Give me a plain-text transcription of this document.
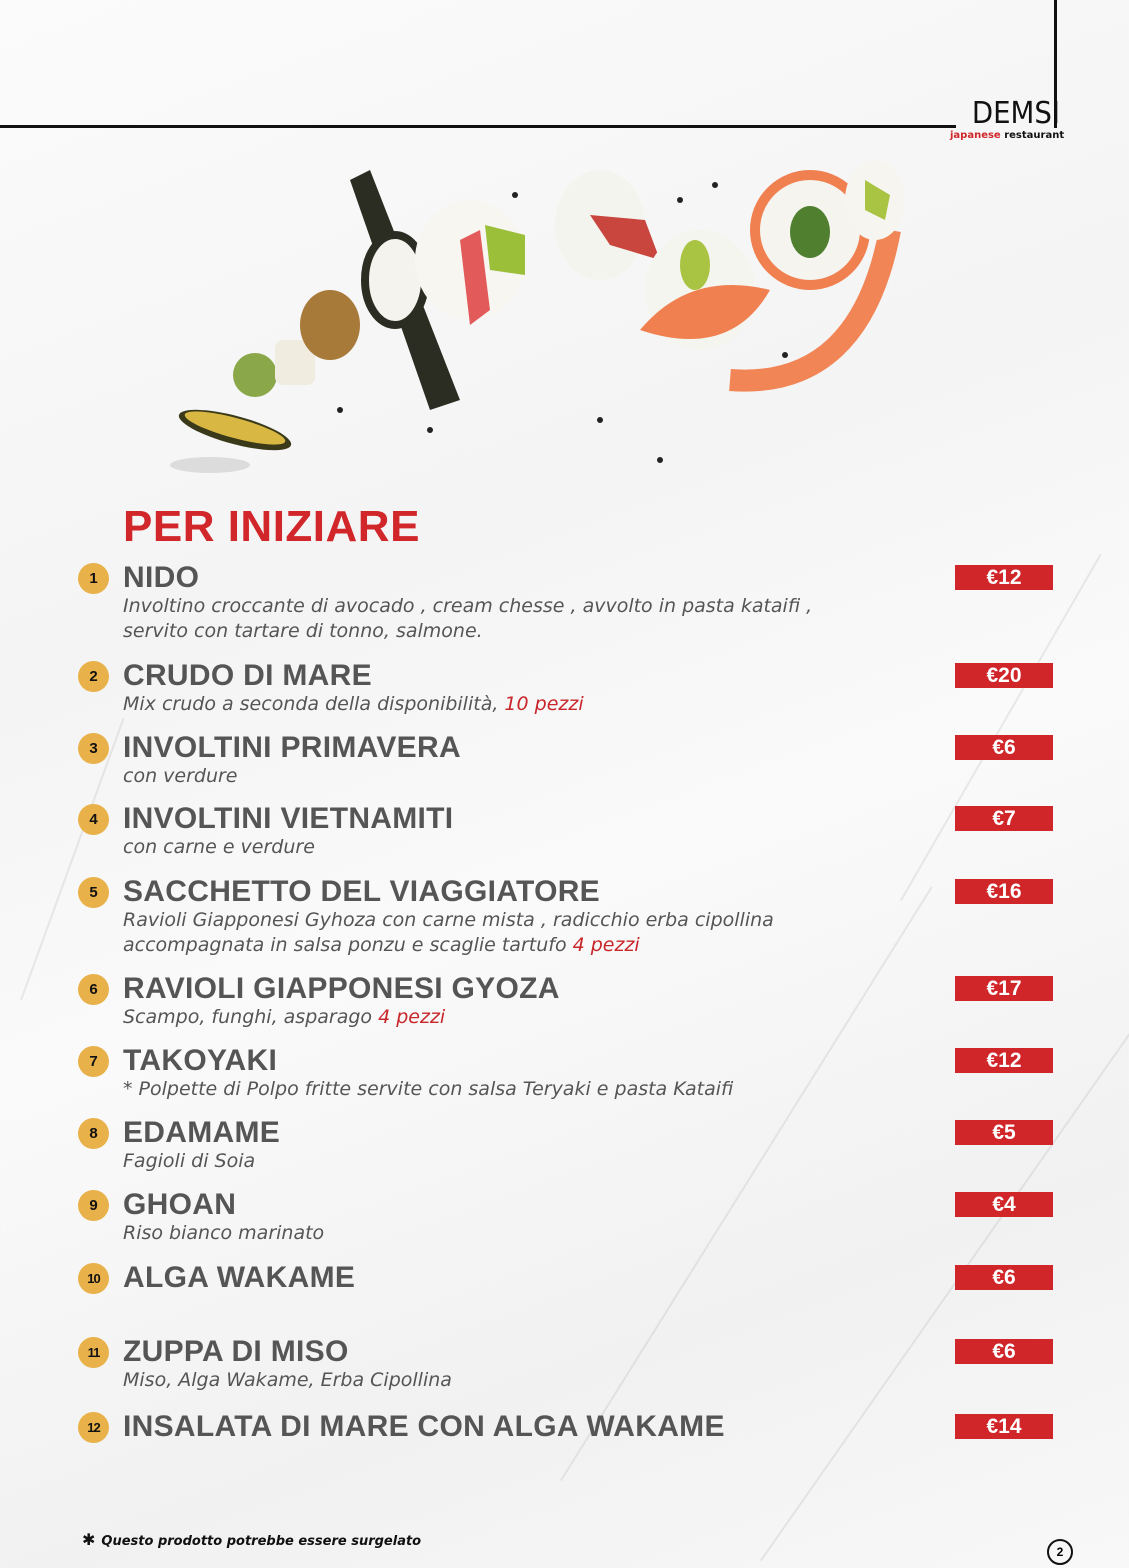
DEMSI
japanese restaurant
PER INIZIARE
1 NIDO
Involtino croccante di avocado , cream chesse , avvolto in pasta kataifi ,
servito con tartare di tonno, salmone.
€12
2 CRUDO DI MARE
Mix crudo a seconda della disponibilità, 10 pezzi
€20
3 INVOLTINI PRIMAVERA
con verdure
€6
4 INVOLTINI VIETNAMITI
con carne e verdure
€7
5 SACCHETTO DEL VIAGGIATORE
Ravioli Giapponesi Gyhoza con carne mista , radicchio erba cipollina
accompagnata in salsa ponzu e scaglie tartufo 4 pezzi
€16
6 RAVIOLI GIAPPONESI GYOZA
Scampo, funghi, asparago 4 pezzi
€17
7 TAKOYAKI
* Polpette di Polpo fritte servite con salsa Teryaki e pasta Kataifi
€12
8 EDAMAME
Fagioli di Soia
€5
9 GHOAN
Riso bianco marinato
€4
10 ALGA WAKAME	€6
11 ZUPPA DI MISO
Miso, Alga Wakame, Erba Cipollina
€6
12 INSALATA DI MARE CON ALGA WAKAME	€14
✱ Questo prodotto potrebbe essere surgelato
2
